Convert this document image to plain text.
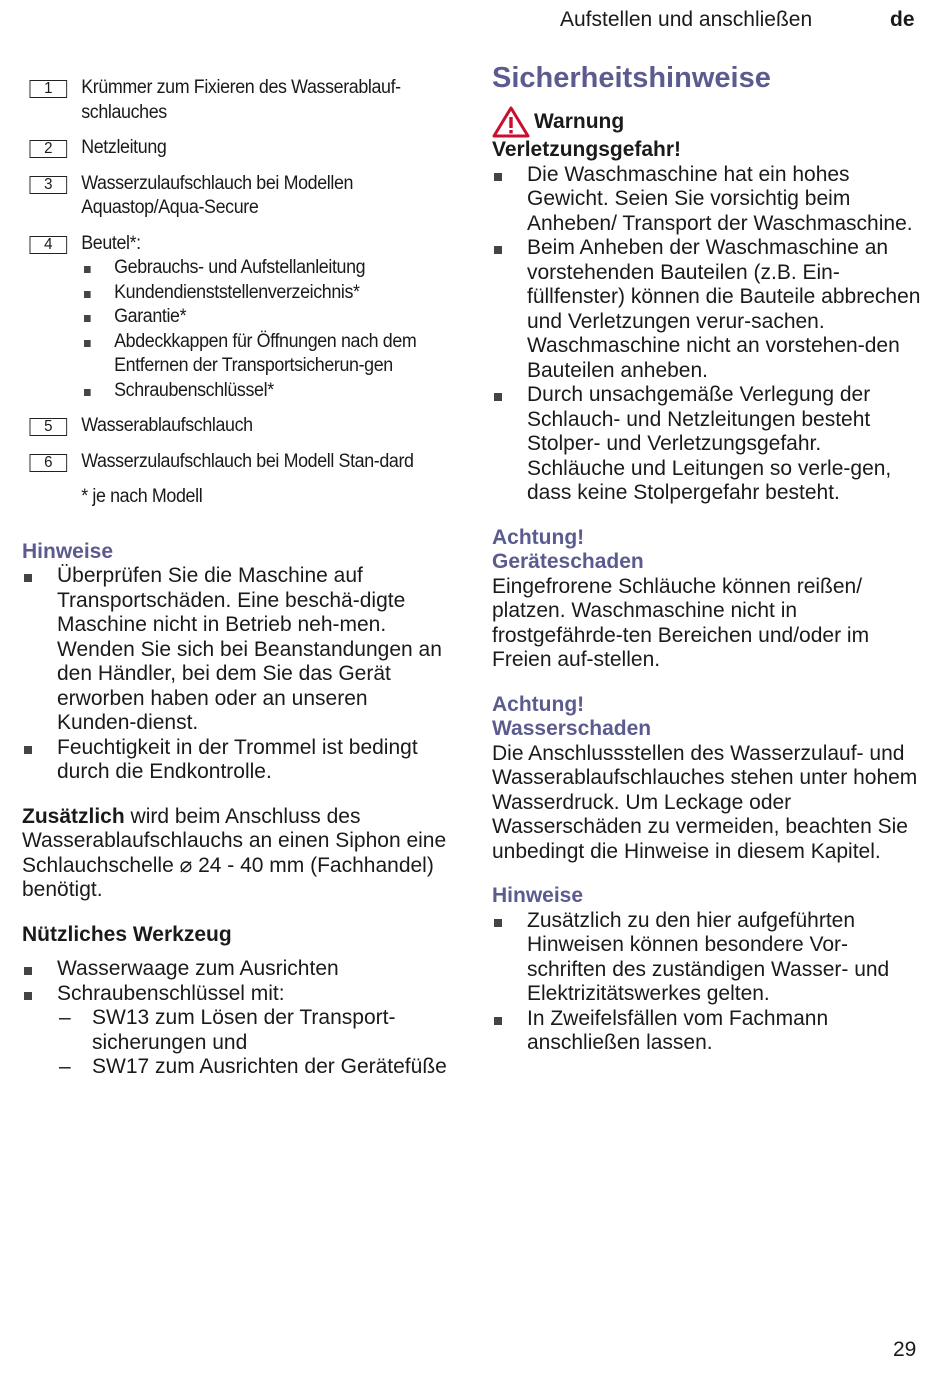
Aufstellen und anschließen	de
1	Krümmer zum Fixieren des Wasserablauf-schlauches
2	Netzleitung
3	Wasserzulaufschlauch bei Modellen Aquastop/Aqua-Secure
4	Beutel*:
Gebrauchs- und Aufstellanleitung
Kundendienststellenverzeichnis*
Garantie*
Abdeckkappen für Öffnungen nach dem Entfernen der Transportsicherun-gen
Schraubenschlüssel*
5	Wasserablaufschlauch
6	Wasserzulaufschlauch bei Modell Stan-dard
* je nach Modell
Hinweise
Überprüfen Sie die Maschine auf Transportschäden. Eine beschä-digte Maschine nicht in Betrieb neh-men. Wenden Sie sich bei Beanstandungen an den Händler, bei dem Sie das Gerät erworben haben oder an unseren Kunden-dienst.
Feuchtigkeit in der Trommel ist bedingt durch die Endkontrolle.

Zusätzlich wird beim Anschluss des Wasserablaufschlauchs an einen Siphon eine Schlauchschelle ⌀ 24 - 40 mm (Fachhandel) benötigt.

Nützliches Werkzeug
Wasserwaage zum Ausrichten
Schraubenschlüssel mit:
– SW13 zum Lösen der Transport-sicherungen und
– SW17 zum Ausrichten der Gerätefüße
Sicherheitshinweise
Warnung
Verletzungsgefahr!
Die Waschmaschine hat ein hohes Gewicht. Seien Sie vorsichtig beim Anheben/ Transport der Waschmaschine.
Beim Anheben der Waschmaschine an vorstehenden Bauteilen (z.B. Ein-füllfenster) können die Bauteile abbrechen und Verletzungen verur-sachen. Waschmaschine nicht an vorstehen-den Bauteilen anheben.
Durch unsachgemäße Verlegung der Schlauch- und Netzleitungen besteht Stolper- und Verletzungsgefahr. Schläuche und Leitungen so verle-gen, dass keine Stolpergefahr besteht.
Achtung!
Geräteschaden

Eingefrorene Schläuche können reißen/ platzen. Waschmaschine nicht in frostgefährde-ten Bereichen und/oder im Freien auf-stellen.

Achtung!
Wasserschaden

Die Anschlussstellen des Wasserzulauf- und Wasserablaufschlauches stehen unter hohem Wasserdruck. Um Leckage oder Wasserschäden zu vermeiden, beachten Sie unbedingt die Hinweise in diesem Kapitel.

Hinweise
Zusätzlich zu den hier aufgeführten Hinweisen können besondere Vor-schriften des zuständigen Wasser- und Elektrizitätswerkes gelten.
In Zweifelsfällen vom Fachmann anschließen lassen.
29
